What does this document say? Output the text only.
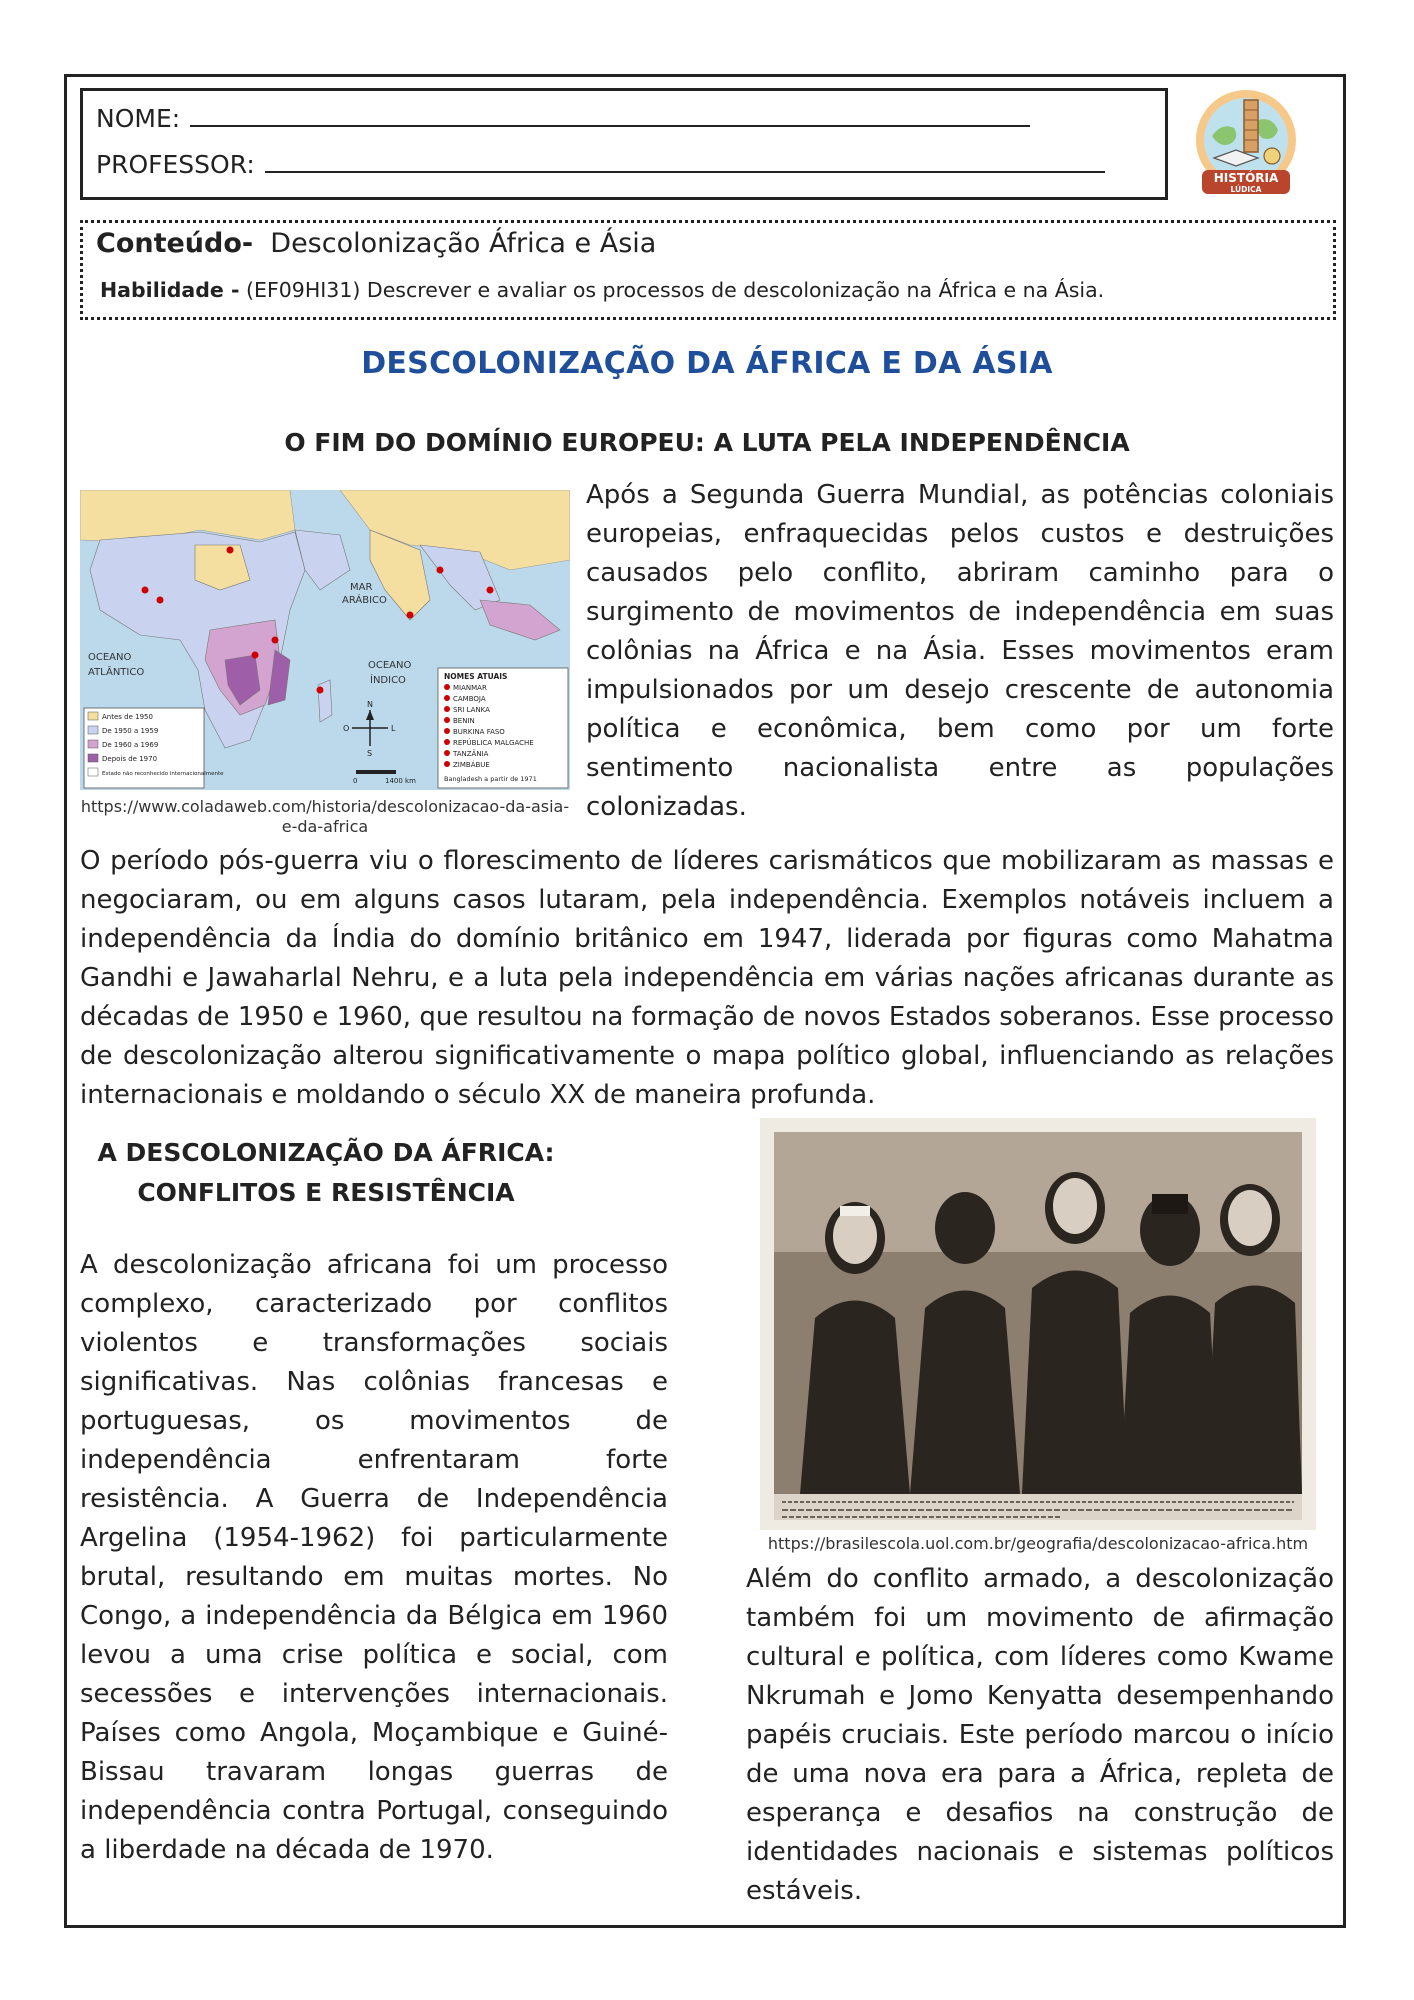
NOME:
PROFESSOR:	HISTÓRIA
LÚDICA
Conteúdo- Descolonização África e Ásia
Habilidade - (EF09HI31) Descrever e avaliar os processos de descolonização na África e na Ásia.
DESCOLONIZAÇÃO DA ÁFRICA E DA ÁSIA
O FIM DO DOMÍNIO EUROPEU: A LUTA PELA INDEPENDÊNCIA
OCEANO
ATLÂNTICO
OCEANO
ÍNDICO
MAR
ARÁBICO
Antes de 1950
De 1950 a 1959
De 1960 a 1969
Depois de 1970
Estado não reconhecido internacionalmente
N
S
L
O
0	1400 km
NOMES ATUAIS
MIANMAR
CAMBOJA
SRI LANKA
BENIN
BURKINA FASO
REPÚBLICA MALGACHE
TANZÂNIA
ZIMBÁBUE
Bangladesh a partir de 1971
https://www.coladaweb.com/historia/descolonizacao-da-asia-e-da-africa

Após a Segunda Guerra Mundial, as potências coloniais europeias, enfraquecidas pelos custos e destruições causados pelo conflito, abriram caminho para o surgimento de movimentos de independência em suas colônias na África e na Ásia. Esses movimentos eram impulsionados por um desejo crescente de autonomia política e econômica, bem como por um forte sentimento nacionalista entre as populações colonizadas.

O período pós-guerra viu o florescimento de líderes carismáticos que mobilizaram as massas e negociaram, ou em alguns casos lutaram, pela independência. Exemplos notáveis incluem a independência da Índia do domínio britânico em 1947, liderada por figuras como Mahatma Gandhi e Jawaharlal Nehru, e a luta pela independência em várias nações africanas durante as décadas de 1950 e 1960, que resultou na formação de novos Estados soberanos. Esse processo de descolonização alterou significativamente o mapa político global, influenciando as relações internacionais e moldando o século XX de maneira profunda.

A DESCOLONIZAÇÃO DA ÁFRICA:
CONFLITOS E RESISTÊNCIA

A descolonização africana foi um processo complexo, caracterizado por conflitos violentos e transformações sociais significativas. Nas colônias francesas e portuguesas, os movimentos de independência enfrentaram forte resistência. A Guerra de Independência Argelina (1954-1962) foi particularmente brutal, resultando em muitas mortes. No Congo, a independência da Bélgica em 1960 levou a uma crise política e social, com secessões e intervenções internacionais. Países como Angola, Moçambique e Guiné-Bissau travaram longas guerras de independência contra Portugal, conseguindo a liberdade na década de 1970.

https://brasilescola.uol.com.br/geografia/descolonizacao-africa.htm

Além do conflito armado, a descolonização também foi um movimento de afirmação cultural e política, com líderes como Kwame Nkrumah e Jomo Kenyatta desempenhando papéis cruciais. Este período marcou o início de uma nova era para a África, repleta de esperança e desafios na construção de identidades nacionais e sistemas políticos estáveis.
